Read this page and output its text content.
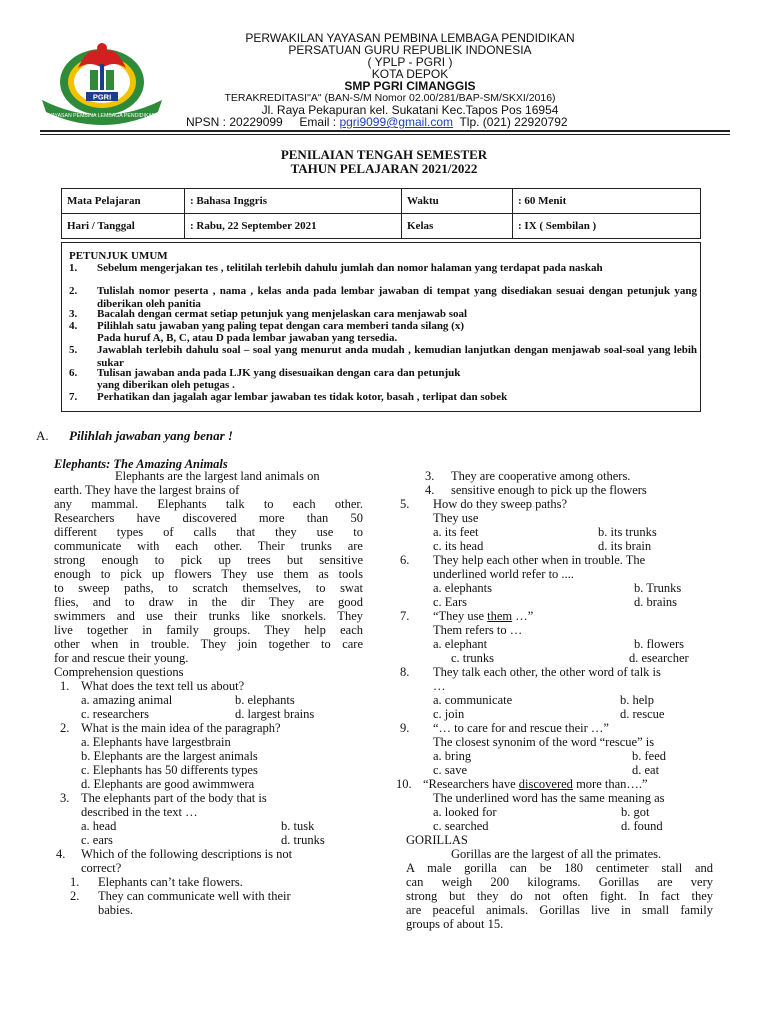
PGRI
YAYASAN PEMBINA LEMBAGA PENDIDIKAN
PERWAKILAN YAYASAN PEMBINA LEMBAGA PENDIDIKAN
PERSATUAN GURU REPUBLIK INDONESIA
( YPLP - PGRI )
KOTA DEPOK
SMP PGRI CIMANGGIS
TERAKREDITASI"A" (BAN-S/M Nomor 02.00/281/BAP-SM/SKXI/2016)
Jl. Raya Pekapuran kel. Sukatani Kec.Tapos Pos 16954
NPSN : 20229099 Email : pgri9099@gmail.com Tlp. (021) 22920792
PENILAIAN TENGAH SEMESTER
TAHUN PELAJARAN 2021/2022
Mata Pelajaran	: Bahasa Inggris	Waktu	: 60 Menit
Hari / Tanggal	: Rabu, 22 September 2021	Kelas	: IX ( Sembilan )
PETUNJUK UMUM
1. Sebelum mengerjakan tes , telitilah terlebih dahulu jumlah dan nomor halaman yang terdapat pada naskah
2. Tulislah nomor peserta , nama , kelas anda pada lembar jawaban di tempat yang disediakan sesuai dengan petunjuk yang diberikan oleh panitia
3. Bacalah dengan cermat setiap petunjuk yang menjelaskan cara menjawab soal
4. Pilihlah satu jawaban yang paling tepat dengan cara memberi tanda silang (x)
Pada huruf A, B, C, atau D pada lembar jawaban yang tersedia.
5. Jawablah terlebih dahulu soal – soal yang menurut anda mudah , kemudian lanjutkan dengan menjawab soal-soal yang lebih sukar
6. Tulisan jawaban anda pada LJK yang disesuaikan dengan cara dan petunjuk
yang diberikan oleh petugas .
7. Perhatikan dan jagalah agar lembar jawaban tes tidak kotor, basah , terlipat dan sobek
A. Pilihlah jawaban yang benar !
Elephants: The Amazing Animals
Elephants are the largest land animals on
earth. They have the largest brains of
any mammal. Elephants talk to each other.
Researchers have discovered more than 50
different types of calls that they use to
communicate with each other. Their trunks are
strong enough to pick up trees but sensitive
enough to pick up flowers They use them as tools
to sweep paths, to scratch themselves, to swat
flies, and to draw in the dir They are good
swimmers and use their trunks like snorkels. They
live together in family groups. They help each
other when in trouble. They join together to care
for and rescue their young.
Comprehension questions
1. What does the text tell us about?
a. amazing animal	b. elephants
c. researchers	d. largest brains
2. What is the main idea of the paragraph?
a. Elephants have largestbrain
b. Elephants are the largest animals
c. Elephants has 50 differents types
d. Elephants are good awimmwera
3. The elephants part of the body that is
described in the text …
a. head	b. tusk
c. ears	d. trunks
4. Which of the following descriptions is not
correct?
1. Elephants can’t take flowers.
2. They can communicate well with their
babies.
3. They are cooperative among others.
4. sensitive enough to pick up the flowers
5. How do they sweep paths?
They use
a. its feet	b. its trunks
c. its head	d. its brain
6. They help each other when in trouble. The
underlined world refer to ....
a. elephants	b. Trunks
c. Ears	d. brains
7. “They use them …”
Them refers to …
a. elephant	b. flowers
c. trunks	d. esearcher
8. They talk each other, the other word of talk is
…
a. communicate	b. help
c. join	d. rescue
9. “… to care for and rescue their …”
The closest synonim of the word “rescue” is
a. bring	b. feed
c. save	d. eat
10. “Researchers have discovered more than….”
The underlined word has the same meaning as
a. looked for	b. got
c. searched	d. found
GORILLAS
Gorillas are the largest of all the primates.
A male gorilla can be 180 centimeter stall and
can weigh 200 kilograms. Gorillas are very
strong but they do not often fight. In fact they
are peaceful animals. Gorillas live in small family
groups of about 15.
